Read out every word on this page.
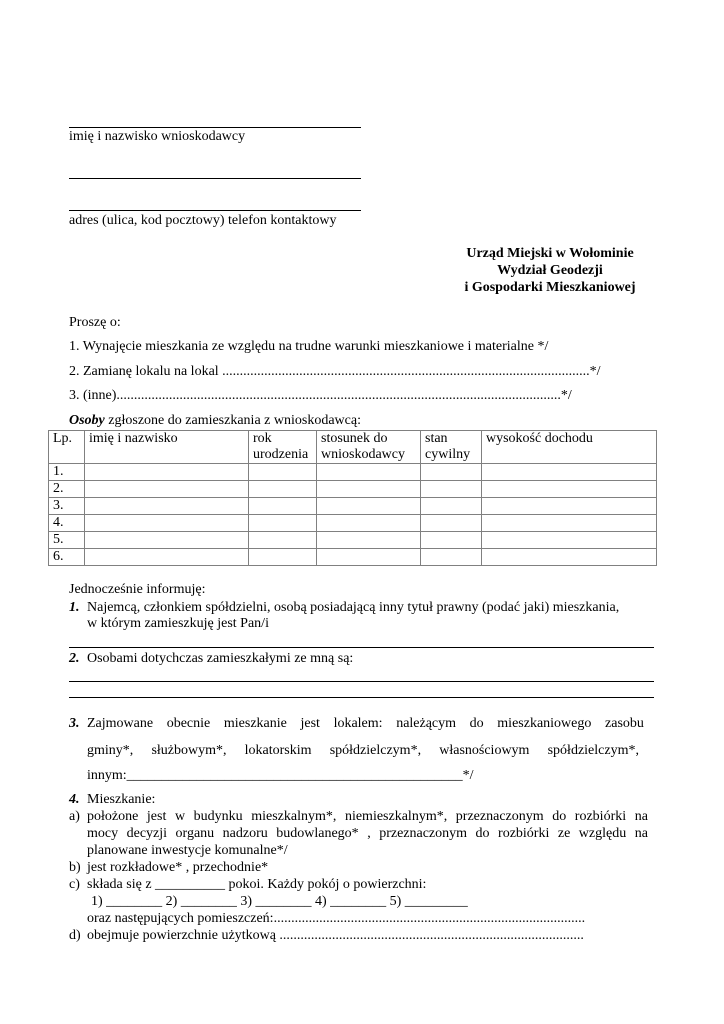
imię i nazwisko wnioskodawcy
adres (ulica, kod pocztowy) telefon kontaktowy
Urząd Miejski w Wołominie
Wydział Geodezji
i Gospodarki Mieszkaniowej
Proszę o:
1. Wynajęcie mieszkania ze względu na trudne warunki mieszkaniowe i materialne */
2. Zamianę lokalu na lokal .........................................................................................................*/
3. (inne)...............................................................................................................................*/
Osoby zgłoszone do zamieszkania z wnioskodawcą:
Lp.	imię i nazwisko	rok urodzenia	stosunek do wnioskodawcy	stan cywilny	wysokość dochodu
1.					
2.					
3.					
4.					
5.					
6.					
Jednocześnie informuję:
1. Najemcą, członkiem spółdzielni, osobą posiadającą inny tytuł prawny (podać jaki) mieszkania,
w którym zamieszkuję jest Pan/i
2. Osobami dotychczas zamieszkałymi ze mną są:
3. Zajmowane obecnie mieszkanie jest lokalem: należącym do mieszkaniowego zasobu
gminy*, służbowym*, lokatorskim spółdzielczym*, własnościowym spółdzielczym*,
innym:________________________________________________*/
4. Mieszkanie:
a) położone jest w budynku mieszkalnym*, niemieszkalnym*, przeznaczonym do rozbiórki na
mocy decyzji organu nadzoru budowlanego* , przeznaczonym do rozbiórki ze względu na
planowane inwestycje komunalne*/
b) jest rozkładowe* , przechodnie*
c) składa się z __________ pokoi. Każdy pokój o powierzchni:
1) ________ 2) ________ 3) ________ 4) ________ 5) _________
oraz następujących pomieszczeń:.........................................................................................
d) obejmuje powierzchnie użytkową .......................................................................................
